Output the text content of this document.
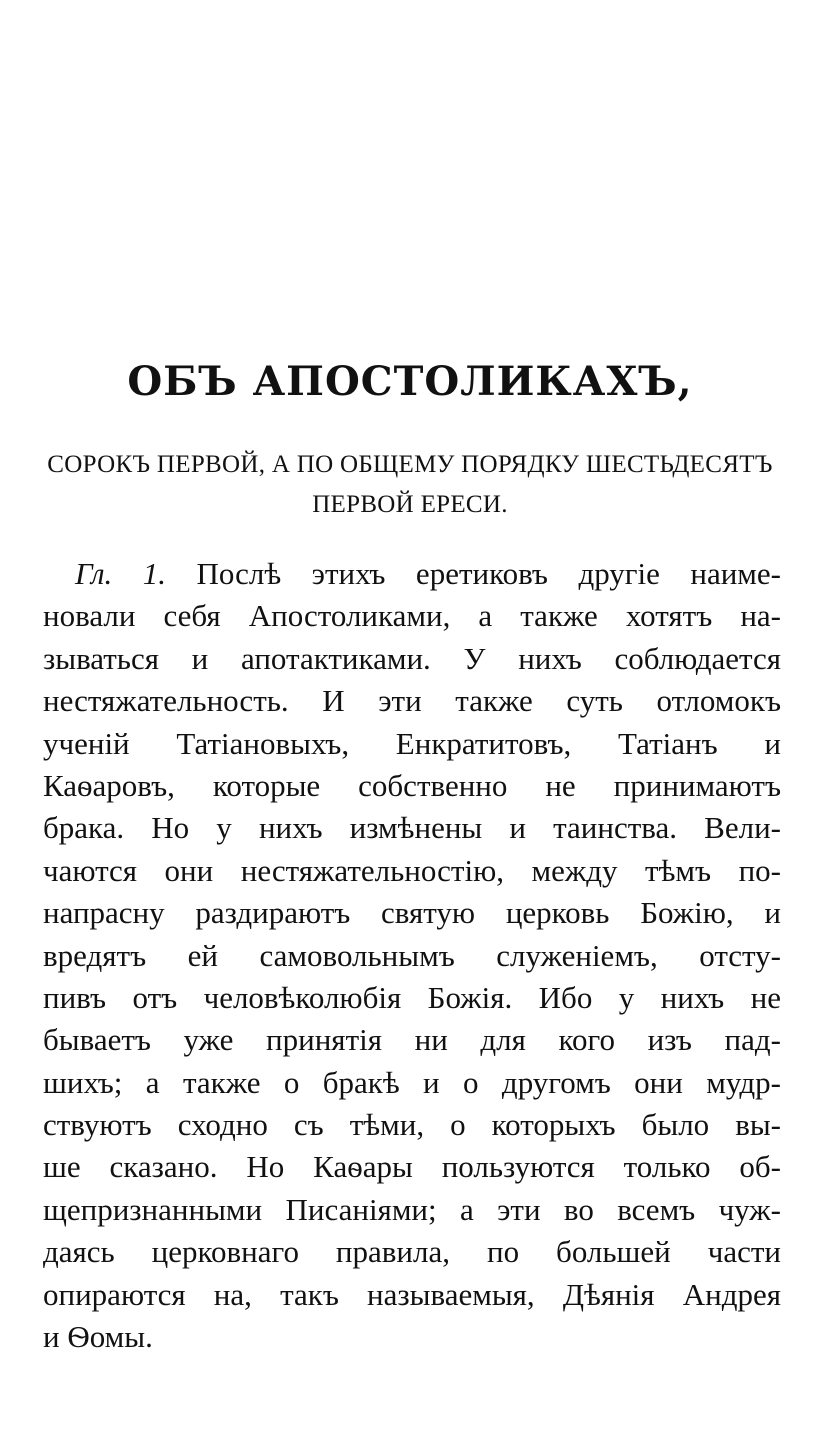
ОБЪ АПОСТОЛИКАХЪ,
СОРОКЪ ПЕРВОЙ, А ПО ОБЩЕМУ ПОРЯДКУ ШЕСТЬДЕСЯТЪ
ПЕРВОЙ ЕРЕСИ.
Гл. 1. Послѣ этихъ еретиковъ другіе наиме-
новали себя Апостоликами, а также хотятъ на-
зываться и апотактиками. У нихъ соблюдается
нестяжательность. И эти также суть отломокъ
ученій Татіановыхъ, Енкратитовъ, Татіанъ и
Каѳаровъ, которые собственно не принимаютъ
брака. Но у нихъ измѣнены и таинства. Вели-
чаются они нестяжательностію, между тѣмъ по-
напрасну раздираютъ святую церковь Божію, и
вредятъ ей самовольнымъ служеніемъ, отсту-
пивъ отъ человѣколюбія Божія. Ибо у нихъ не
бываетъ уже принятія ни для кого изъ пад-
шихъ; а также о бракѣ и о другомъ они мудр-
ствуютъ сходно съ тѣми, о которыхъ было вы-
ше сказано. Но Каѳары пользуются только об-
щепризнанными Писаніями; а эти во всемъ чуж-
даясь церковнаго правила, по большей части
опираются на, такъ называемыя, Дѣянія Андрея
и Ѳомы.
